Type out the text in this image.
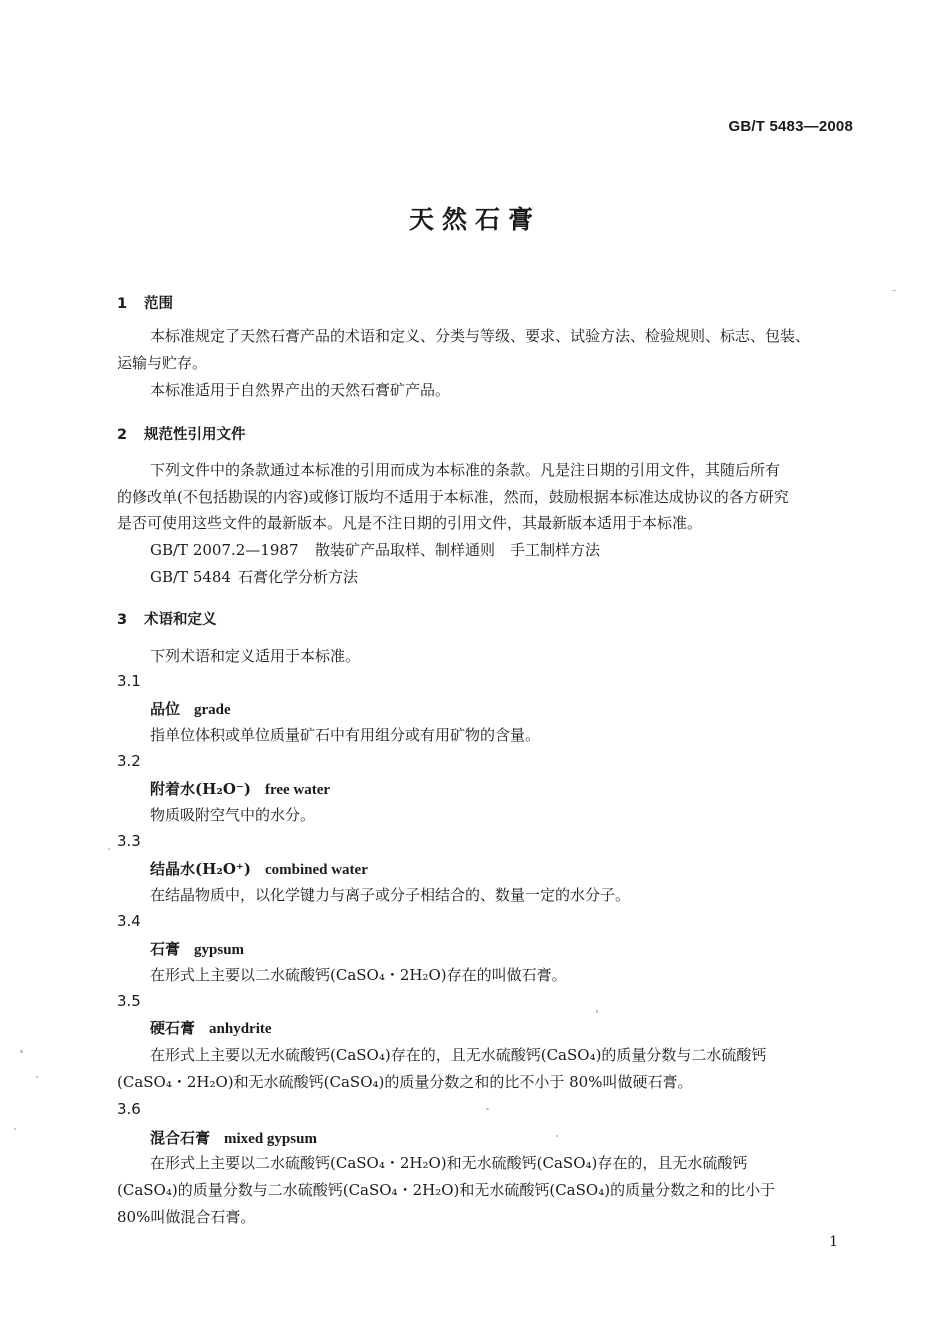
GB/T 5483—2008
天然石膏
1 范围
本标准规定了天然石膏产品的术语和定义、分类与等级、要求、试验方法、检验规则、标志、包装、
运输与贮存。
本标准适用于自然界产出的天然石膏矿产品。
2 规范性引用文件
下列文件中的条款通过本标准的引用而成为本标准的条款。凡是注日期的引用文件，其随后所有
的修改单(不包括勘误的内容)或修订版均不适用于本标准，然而，鼓励根据本标准达成协议的各方研究
是否可使用这些文件的最新版本。凡是不注日期的引用文件，其最新版本适用于本标准。
GB/T 2007.2—1987 散装矿产品取样、制样通则　手工制样方法
GB/T 5484 石膏化学分析方法
3 术语和定义
下列术语和定义适用于本标准。
3.1
品位 grade
指单位体积或单位质量矿石中有用组分或有用矿物的含量。
3.2
附着水(H₂O⁻) free water
物质吸附空气中的水分。
3.3
结晶水(H₂O⁺) combined water
在结晶物质中，以化学键力与离子或分子相结合的、数量一定的水分子。
3.4
石膏 gypsum
在形式上主要以二水硫酸钙(CaSO₄・2H₂O)存在的叫做石膏。
3.5
硬石膏 anhydrite
在形式上主要以无水硫酸钙(CaSO₄)存在的，且无水硫酸钙(CaSO₄)的质量分数与二水硫酸钙
(CaSO₄・2H₂O)和无水硫酸钙(CaSO₄)的质量分数之和的比不小于 80%叫做硬石膏。
3.6
混合石膏 mixed gypsum
在形式上主要以二水硫酸钙(CaSO₄・2H₂O)和无水硫酸钙(CaSO₄)存在的，且无水硫酸钙
(CaSO₄)的质量分数与二水硫酸钙(CaSO₄・2H₂O)和无水硫酸钙(CaSO₄)的质量分数之和的比小于
80%叫做混合石膏。
1
